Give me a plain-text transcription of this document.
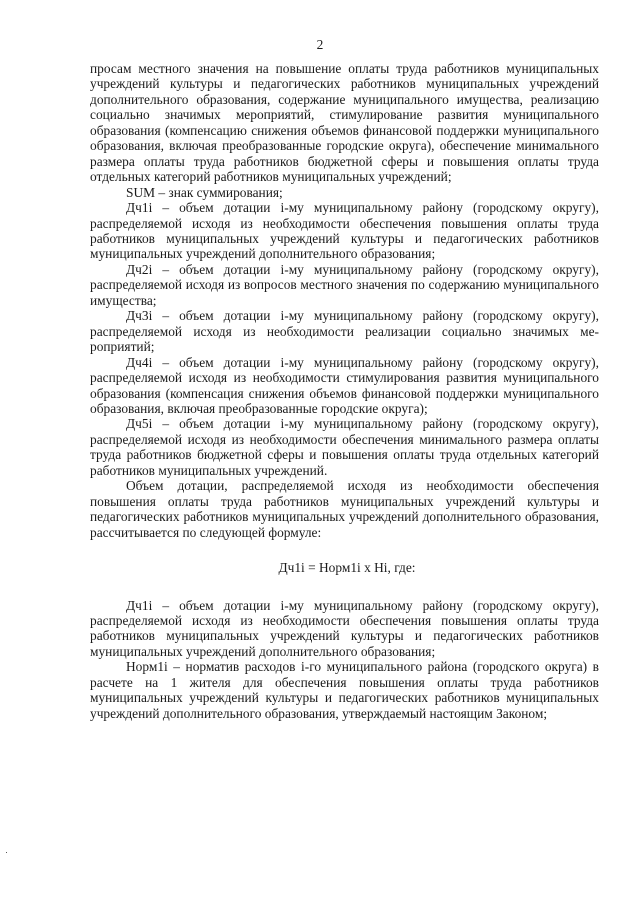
2

просам местного значения на повышение оплаты труда работников муниципальных учреждений культуры и педагогических работников муниципальных учреждений дополнительного образования, содержание муниципального имущества, реализацию социально значимых мероприятий, стимулирование развития муниципального образования (компенсацию снижения объемов финансовой поддержки муниципального образования, включая преобразованные городские округа), обеспечение минимального размера оплаты труда работников бюджетной сферы и повышения оплаты труда отдельных категорий работников муниципальных учреждений;

SUM – знак суммирования;

Дч1i – объем дотации i-му муниципальному району (городскому округу), распределяемой исходя из необходимости обеспечения повышения оплаты труда работников муниципальных учреждений культуры и педагогических работников муниципальных учреждений дополнительного образования;

Дч2i – объем дотации i-му муниципальному району (городскому округу), распределяемой исходя из вопросов местного значения по содержанию муниципального имущества;

Дч3i – объем дотации i-му муниципальному району (городскому округу), распределяемой исходя из необходимости реализации социально значимых мероприятий;

Дч4i – объем дотации i-му муниципальному району (городскому округу), распределяемой исходя из необходимости стимулирования развития муниципального образования (компенсация снижения объемов финансовой поддержки муниципального образования, включая преобразованные городские округа);

Дч5i – объем дотации i-му муниципальному району (городскому округу), распределяемой исходя из необходимости обеспечения минимального размера оплаты труда работников бюджетной сферы и повышения оплаты труда отдельных категорий работников муниципальных учреждений.

Объем дотации, распределяемой исходя из необходимости обеспечения повышения оплаты труда работников муниципальных учреждений культуры и педагогических работников муниципальных учреждений дополнительного образования, рассчитывается по следующей формуле:

Дч1i = Норм1i x Нi, где:

Дч1i – объем дотации i-му муниципальному району (городскому округу), распределяемой исходя из необходимости обеспечения повышения оплаты труда работников муниципальных учреждений культуры и педагогических работников муниципальных учреждений дополнительного образования;

Норм1i – норматив расходов i-го муниципального района (городского округа) в расчете на 1 жителя для обеспечения повышения оплаты труда работников муниципальных учреждений культуры и педагогических работников муниципальных учреждений дополнительного образования, утверждаемый настоящим Законом;
